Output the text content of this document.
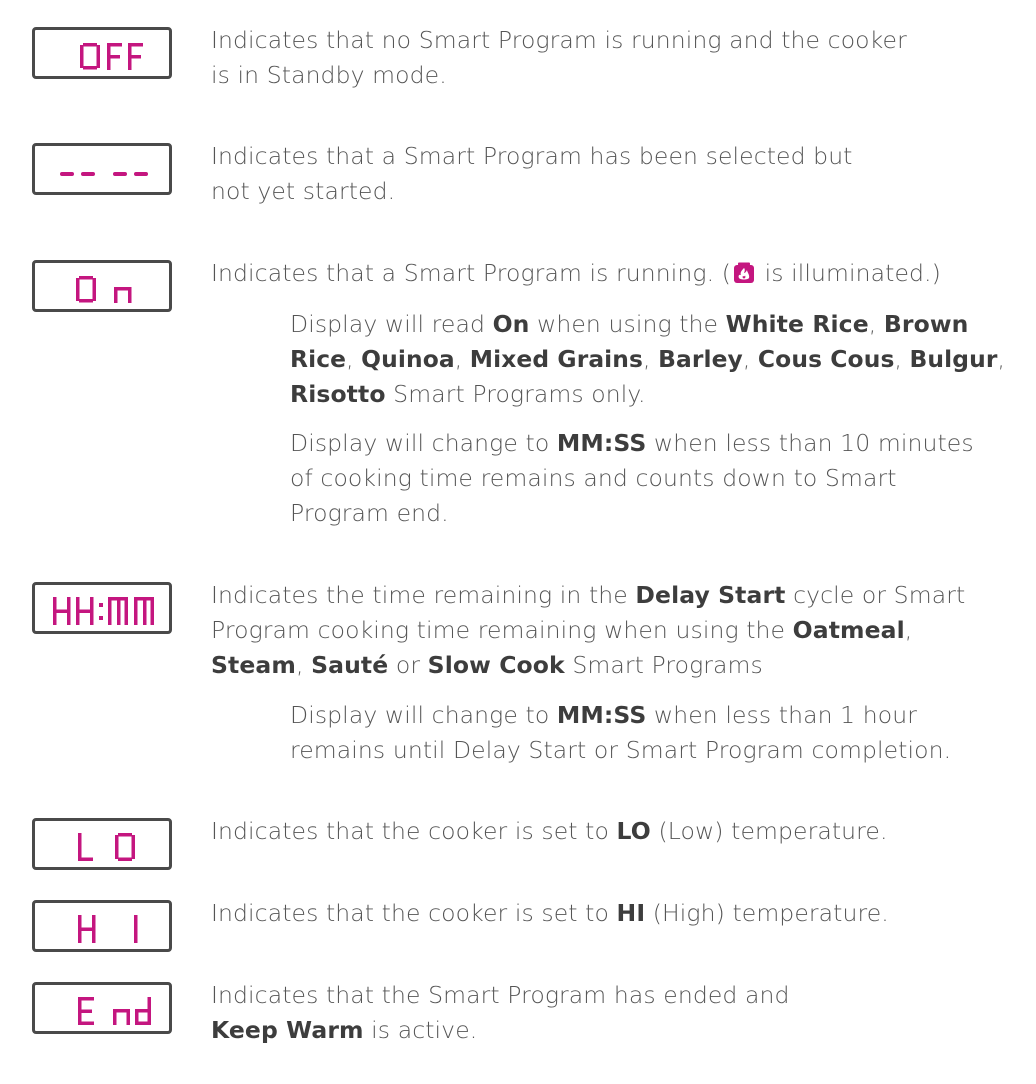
Indicates that no Smart Program is running and the cooker
is in Standby mode.
Indicates that a Smart Program has been selected but
not yet started.
Indicates that a Smart Program is running. ( is illuminated.)
Display will read On when using the White Rice, Brown
Rice, Quinoa, Mixed Grains, Barley, Cous Cous, Bulgur,
Risotto Smart Programs only.
Display will change to MM:SS when less than 10 minutes
of cooking time remains and counts down to Smart
Program end.
Indicates the time remaining in the Delay Start cycle or Smart
Program cooking time remaining when using the Oatmeal,
Steam, Sauté or Slow Cook Smart Programs
Display will change to MM:SS when less than 1 hour
remains until Delay Start or Smart Program completion.
Indicates that the cooker is set to LO (Low) temperature.
Indicates that the cooker is set to HI (High) temperature.
Indicates that the Smart Program has ended and
Keep Warm is active.
